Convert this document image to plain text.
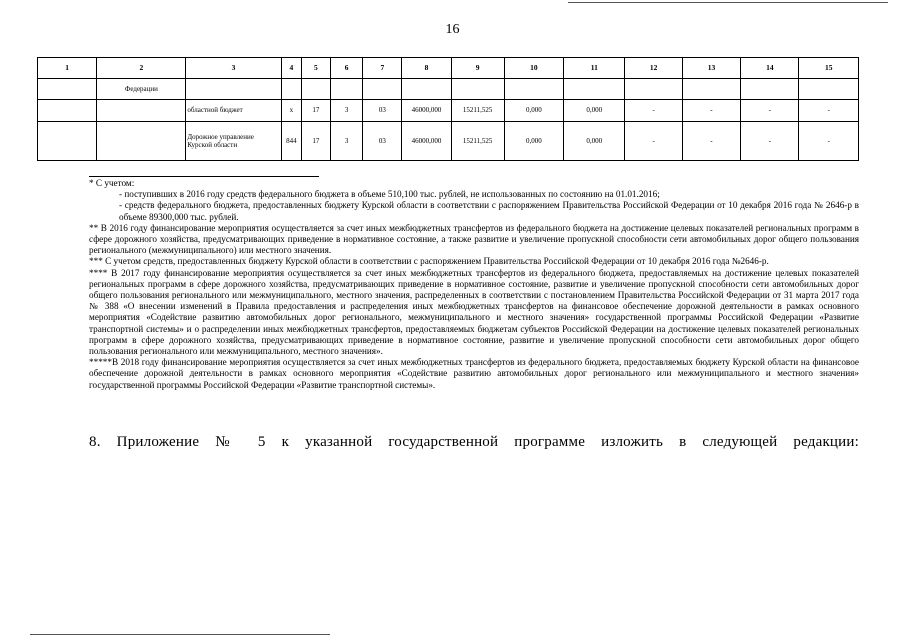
16
1	2	3	4	5	6	7	8	9	10	11	12	13	14	15
	Федерации													
		областной бюджет	х	17	3	03	46000,000	15211,525	0,000	0,000	-	-	-	-
		Дорожное управление Курской области	844	17	3	03	46000,000	15211,525	0,000	0,000	-	-	-	-

* С учетом:

- поступивших в 2016 году средств федерального бюджета в объеме 510,100 тыс. рублей, не использованных по состоянию на 01.01.2016;

- средств федерального бюджета, предоставленных бюджету Курской области в соответствии с распоряжением Правительства Российской Федерации от 10 декабря 2016 года № 2646-р в объеме 89300,000 тыс. рублей.

** В 2016 году финансирование мероприятия осуществляется за счет иных межбюджетных трансфертов из федерального бюджета на достижение целевых показателей региональных программ в сфере дорожного хозяйства, предусматривающих приведение в нормативное состояние, а также развитие и увеличение пропускной способности сети автомобильных дорог общего пользования регионального (межмуниципального) или местного значения.

*** С учетом средств, предоставленных бюджету Курской области в соответствии с распоряжением Правительства Российской Федерации от 10 декабря 2016 года №2646-р.

**** В 2017 году финансирование мероприятия осуществляется за счет иных межбюджетных трансфертов из федерального бюджета, предоставляемых на достижение целевых показателей региональных программ в сфере дорожного хозяйства, предусматривающих приведение в нормативное состояние, развитие и увеличение пропускной способности сети автомобильных дорог общего пользования регионального или межмуниципального, местного значения, распределенных в соответствии с постановлением Правительства Российской Федерации от 31 марта 2017 года № 388 «О внесении изменений в Правила предоставления и распределения иных межбюджетных трансфертов на финансовое обеспечение дорожной деятельности в рамках основного мероприятия «Содействие развитию автомобильных дорог регионального, межмуниципального и местного значения» государственной программы Российской Федерации «Развитие транспортной системы» и о распределении иных межбюджетных трансфертов, предоставляемых бюджетам субъектов Российской Федерации на достижение целевых показателей региональных программ в сфере дорожного хозяйства, предусматривающих приведение в нормативное состояние, развитие и увеличение пропускной способности сети автомобильных дорог общего пользования регионального или межмуниципального, местного значения».

*****В 2018 году финансирование мероприятия осуществляется за счет иных межбюджетных трансфертов из федерального бюджета, предоставляемых бюджету Курской области на финансовое обеспечение дорожной деятельности в рамках основного мероприятия «Содействие развитию автомобильных дорог регионального или межмуниципального и местного значения» государственной программы Российской Федерации «Развитие транспортной системы».

8. Приложение № 5 к указанной государственной программе изложить в следующей редакции:
